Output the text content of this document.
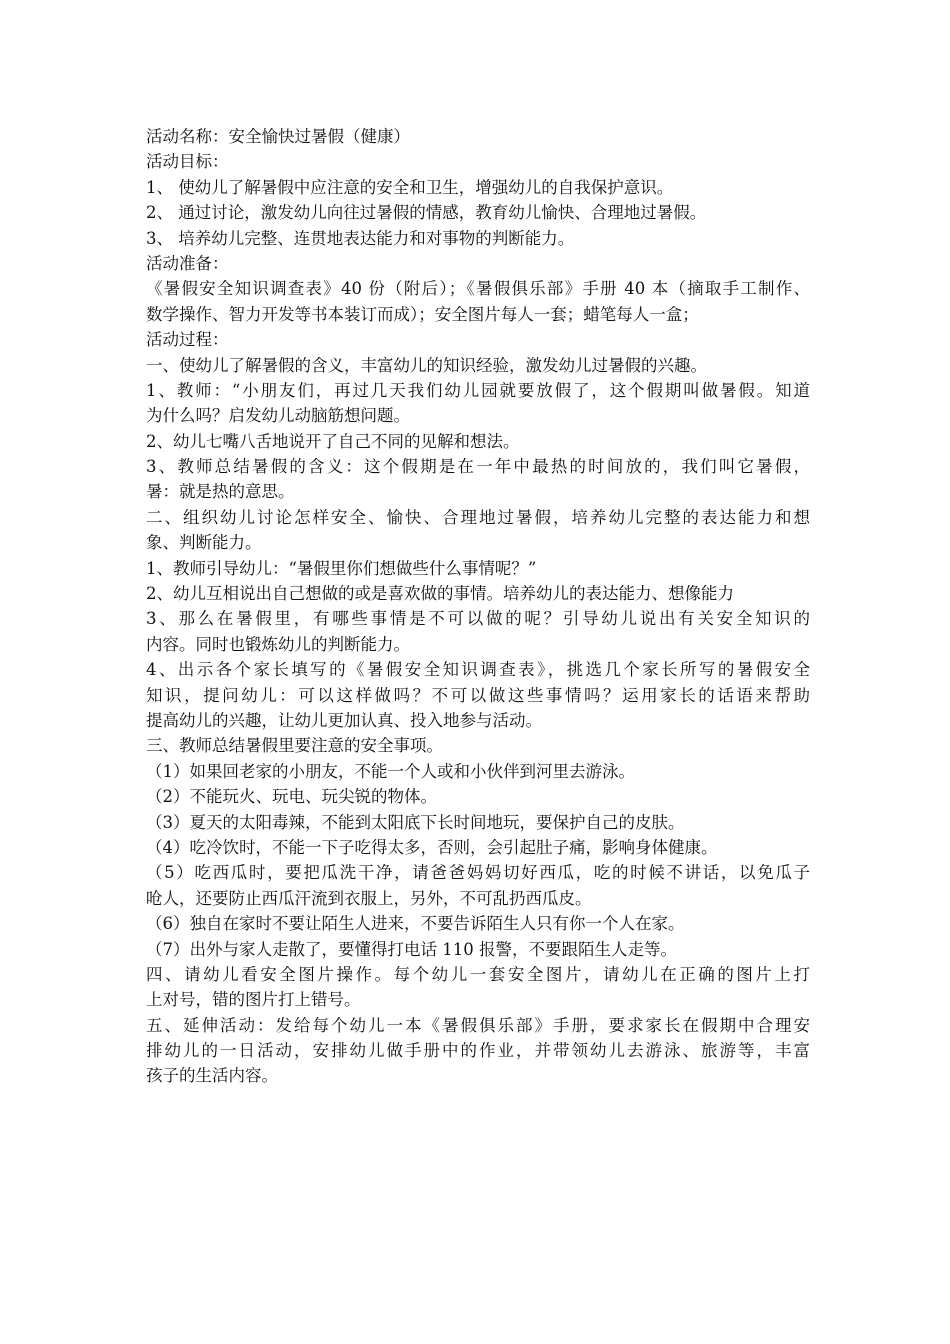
活动名称：安全愉快过暑假（健康）
活动目标：
1、 使幼儿了解暑假中应注意的安全和卫生，增强幼儿的自我保护意识。
2、 通过讨论，激发幼儿向往过暑假的情感，教育幼儿愉快、合理地过暑假。
3、 培养幼儿完整、连贯地表达能力和对事物的判断能力。
活动准备：
《暑假安全知识调查表》40 份（附后）；《暑假俱乐部》手册 40 本（摘取手工制作、
数学操作、智力开发等书本装订而成）；安全图片每人一套；蜡笔每人一盒；
活动过程：
一、使幼儿了解暑假的含义，丰富幼儿的知识经验，激发幼儿过暑假的兴趣。
1、教师：“小朋友们，再过几天我们幼儿园就要放假了，这个假期叫做暑假。知道
为什么吗？启发幼儿动脑筋想问题。
2、幼儿七嘴八舌地说开了自己不同的见解和想法。
3、教师总结暑假的含义：这个假期是在一年中最热的时间放的，我们叫它暑假，
暑：就是热的意思。
二、组织幼儿讨论怎样安全、愉快、合理地过暑假，培养幼儿完整的表达能力和想
象、判断能力。
1、教师引导幼儿：“暑假里你们想做些什么事情呢？”
2、幼儿互相说出自己想做的或是喜欢做的事情。培养幼儿的表达能力、想像能力
3、那么在暑假里，有哪些事情是不可以做的呢？引导幼儿说出有关安全知识的
内容。同时也锻炼幼儿的判断能力。
4、出示各个家长填写的《暑假安全知识调查表》，挑选几个家长所写的暑假安全
知识，提问幼儿：可以这样做吗？不可以做这些事情吗？运用家长的话语来帮助
提高幼儿的兴趣，让幼儿更加认真、投入地参与活动。
三、教师总结暑假里要注意的安全事项。
（1）如果回老家的小朋友，不能一个人或和小伙伴到河里去游泳。
（2）不能玩火、玩电、玩尖锐的物体。
（3）夏天的太阳毒辣，不能到太阳底下长时间地玩，要保护自己的皮肤。
（4）吃冷饮时，不能一下子吃得太多，否则，会引起肚子痛，影响身体健康。
（5）吃西瓜时，要把瓜洗干净，请爸爸妈妈切好西瓜，吃的时候不讲话，以免瓜子
呛人，还要防止西瓜汗流到衣服上，另外，不可乱扔西瓜皮。
（6）独自在家时不要让陌生人进来，不要告诉陌生人只有你一个人在家。
（7）出外与家人走散了，要懂得打电话 110 报警，不要跟陌生人走等。
四、请幼儿看安全图片操作。每个幼儿一套安全图片，请幼儿在正确的图片上打
上对号，错的图片打上错号。
五、延伸活动：发给每个幼儿一本《暑假俱乐部》手册，要求家长在假期中合理安
排幼儿的一日活动，安排幼儿做手册中的作业，并带领幼儿去游泳、旅游等，丰富
孩子的生活内容。
